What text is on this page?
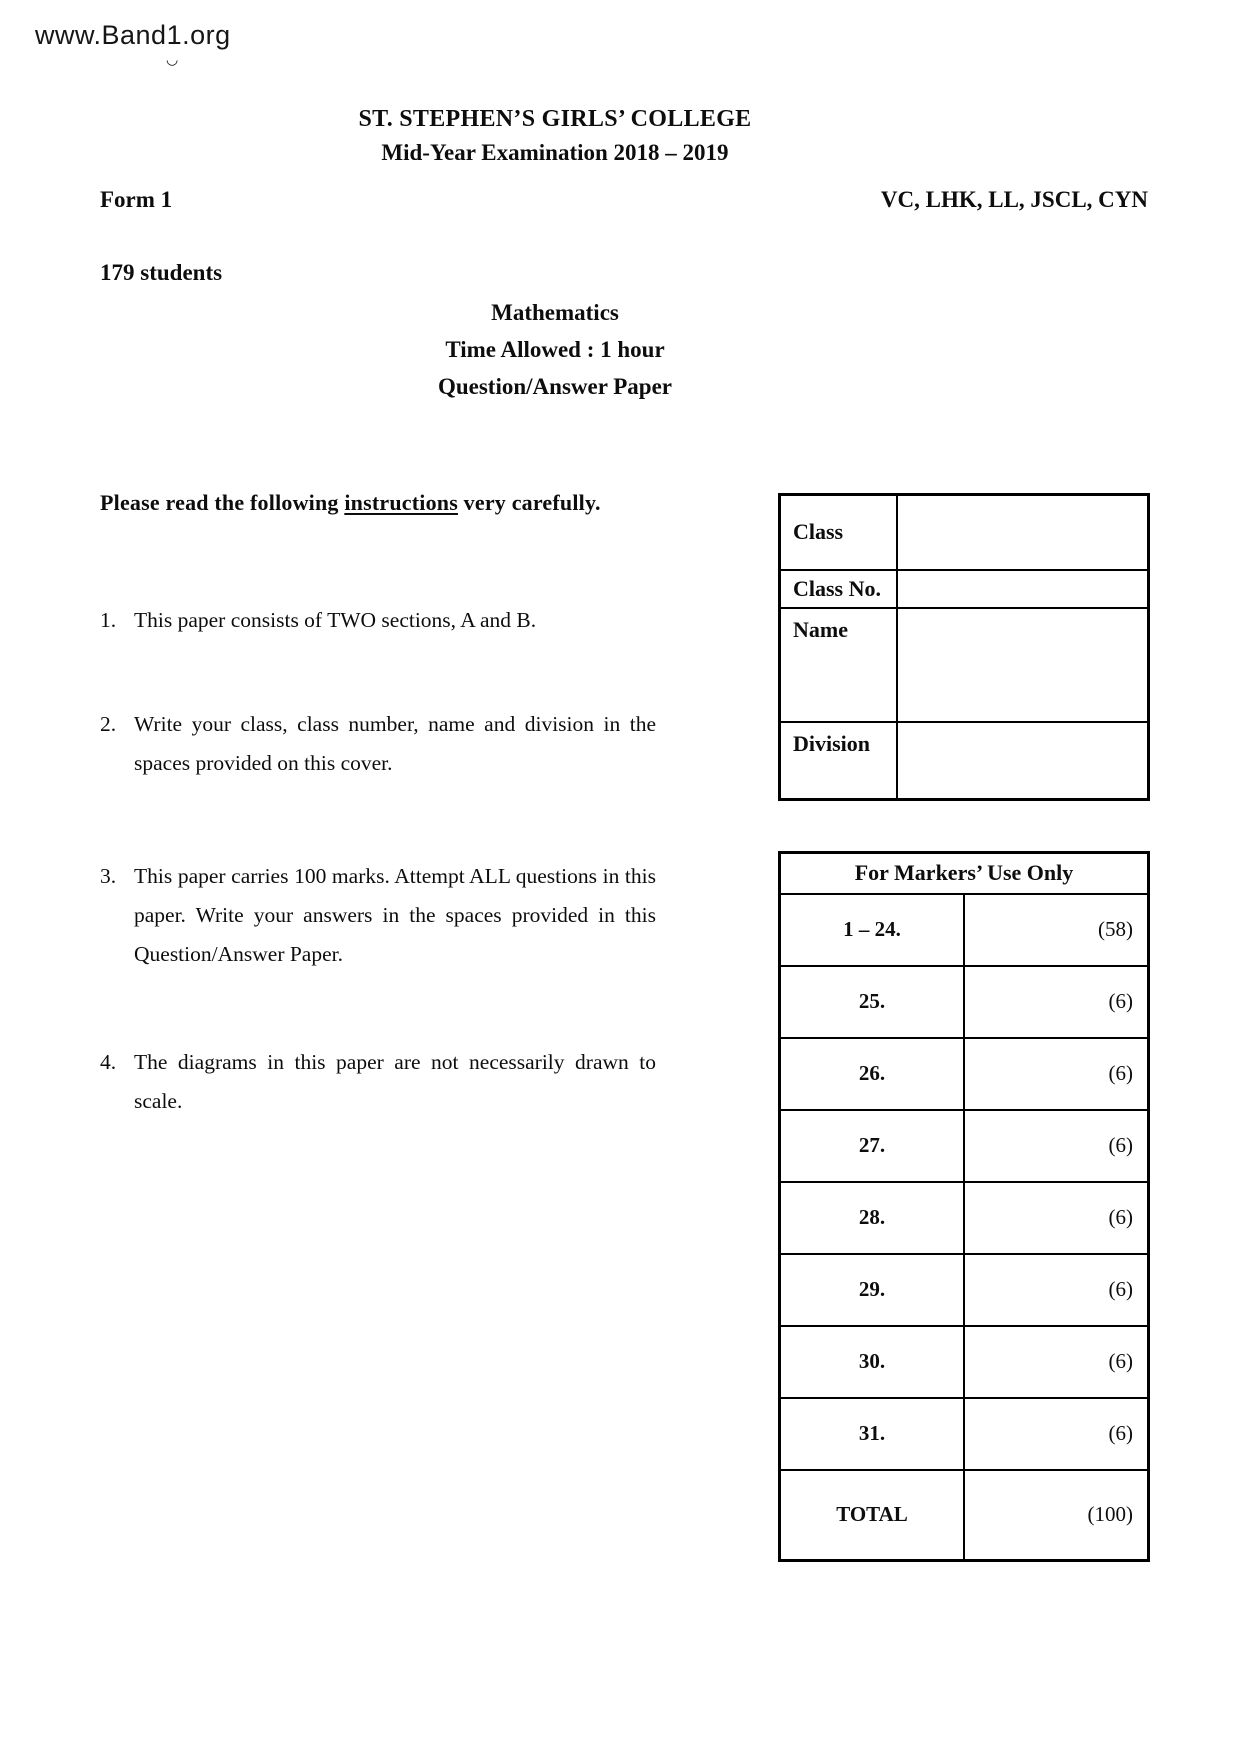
www.Band1.org
◡
ST. STEPHEN’S GIRLS’ COLLEGE
Mid-Year Examination 2018 – 2019
Form 1	VC, LHK, LL, JSCL, CYN
179 students
Mathematics
Time Allowed : 1 hour
Question/Answer Paper
Please read the following instructions very carefully.
1. This paper consists of TWO sections, A and B.
2. Write your class, class number, name and division in the spaces provided on this cover.
3. This paper carries 100 marks. Attempt ALL questions in this paper. Write your answers in the spaces provided in this Question/Answer Paper.
4. The diagrams in this paper are not necessarily drawn to scale.
Class	
Class No.	
Name	
Division	
For Markers’ Use Only	
1 – 24.	(58)
25.	(6)
26.	(6)
27.	(6)
28.	(6)
29.	(6)
30.	(6)
31.	(6)
TOTAL	(100)
